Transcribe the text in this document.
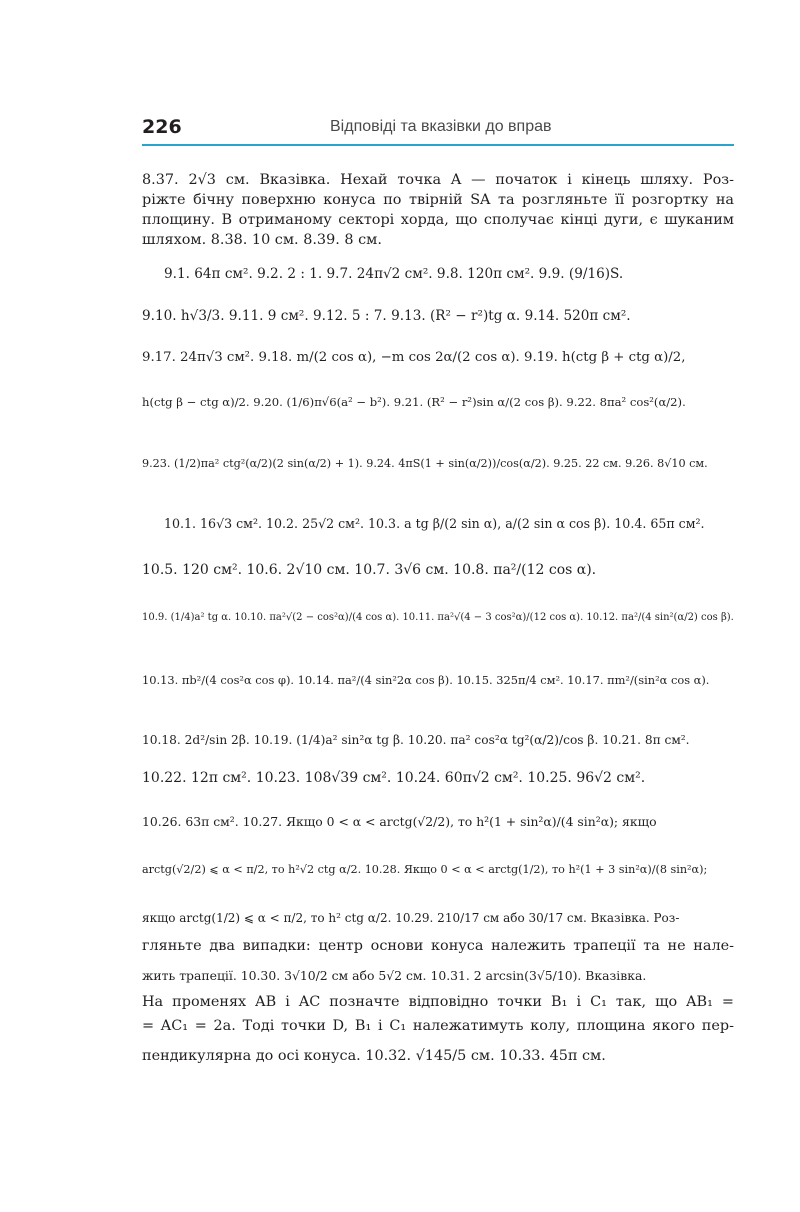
226	Відповіді та вказівки до вправ
8.37. 2√3 см. Вказівка. Нехай точка A — початок і кінець шляху. Роз-
ріжте бічну поверхню конуса по твірній SA та розгляньте її розгортку на
площину. В отриманому секторі хорда, що сполучає кінці дуги, є шуканим
шляхом. 8.38. 10 см. 8.39. 8 см.
9.1. 64π см². 9.2. 2 : 1. 9.7. 24π√2 см². 9.8. 120π см². 9.9. (9/16)S.
9.10. h√3/3. 9.11. 9 см². 9.12. 5 : 7. 9.13. (R² − r²)tg α. 9.14. 520π см².
9.17. 24π√3 см². 9.18. m/(2 cos α), −m cos 2α/(2 cos α). 9.19. h(ctg β + ctg α)/2,
h(ctg β − ctg α)/2. 9.20. (1/6)π√6(a² − b²). 9.21. (R² − r²)sin α/(2 cos β). 9.22. 8πa² cos²(α/2).
9.23. (1/2)πa² ctg²(α/2)(2 sin(α/2) + 1). 9.24. 4πS(1 + sin(α/2))/cos(α/2). 9.25. 22 см. 9.26. 8√10 см.
10.1. 16√3 см². 10.2. 25√2 см². 10.3. a tg β/(2 sin α), a/(2 sin α cos β). 10.4. 65π см².
10.5. 120 см². 10.6. 2√10 см. 10.7. 3√6 см. 10.8. πa²/(12 cos α).
10.9. (1/4)a² tg α. 10.10. πa²√(2 − cos²α)/(4 cos α). 10.11. πa²√(4 − 3 cos²α)/(12 cos α). 10.12. πa²/(4 sin²(α/2) cos β).
10.13. πb²/(4 cos²α cos φ). 10.14. πa²/(4 sin²2α cos β). 10.15. 325π/4 см². 10.17. πm²/(sin²α cos α).
10.18. 2d²/sin 2β. 10.19. (1/4)a² sin²α tg β. 10.20. πa² cos²α tg²(α/2)/cos β. 10.21. 8π см².
10.22. 12π см². 10.23. 108√39 см². 10.24. 60π√2 см². 10.25. 96√2 см².
10.26. 63π см². 10.27. Якщо 0 < α < arctg(√2/2), то h²(1 + sin²α)/(4 sin²α); якщо
arctg(√2/2) ⩽ α < π/2, то h²√2 ctg α/2. 10.28. Якщо 0 < α < arctg(1/2), то h²(1 + 3 sin²α)/(8 sin²α);
якщо arctg(1/2) ⩽ α < π/2, то h² ctg α/2. 10.29. 210/17 см або 30/17 см. Вказівка. Роз-
гляньте два випадки: центр основи конуса належить трапеції та не нале-
жить трапеції. 10.30. 3√10/2 см або 5√2 см. 10.31. 2 arcsin(3√5/10). Вказівка.
На променях AB і AC позначте відповідно точки B₁ і C₁ так, що AB₁ =
= AC₁ = 2a. Тоді точки D, B₁ і C₁ належатимуть колу, площина якого пер-
пендикулярна до осі конуса. 10.32. √145/5 см. 10.33. 45π см.
